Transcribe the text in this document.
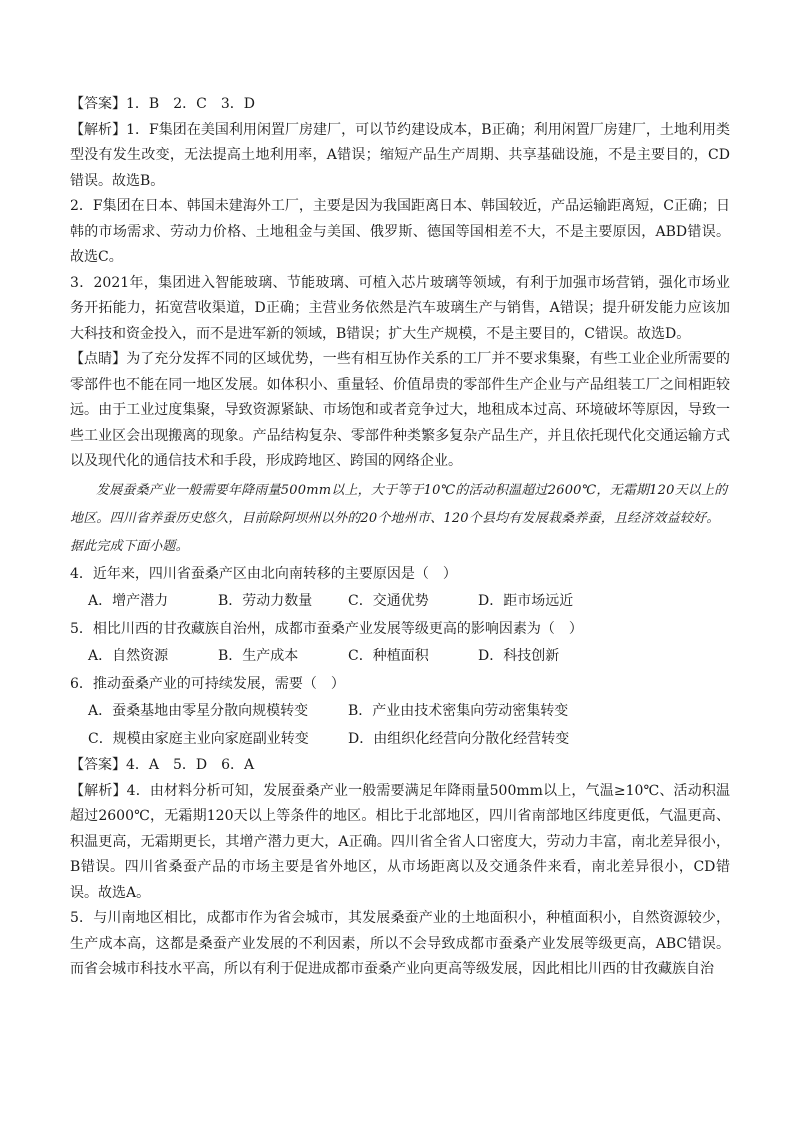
【答案】1．B　2．C　3．D

【解析】1．F集团在美国利用闲置厂房建厂，可以节约建设成本，B正确；利用闲置厂房建厂，土地利用类型没有发生改变，无法提高土地利用率，A错误；缩短产品生产周期、共享基础设施，不是主要目的，CD错误。故选B。

2．F集团在日本、韩国未建海外工厂，主要是因为我国距离日本、韩国较近，产品运输距离短，C正确；日韩的市场需求、劳动力价格、土地租金与美国、俄罗斯、德国等国相差不大，不是主要原因，ABD错误。故选C。

3．2021年，集团进入智能玻璃、节能玻璃、可植入芯片玻璃等领域，有利于加强市场营销，强化市场业务开拓能力，拓宽营收渠道，D正确；主营业务依然是汽车玻璃生产与销售，A错误；提升研发能力应该加大科技和资金投入，而不是进军新的领域，B错误；扩大生产规模，不是主要目的，C错误。故选D。

【点睛】为了充分发挥不同的区域优势，一些有相互协作关系的工厂并不要求集聚，有些工业企业所需要的零部件也不能在同一地区发展。如体积小、重量轻、价值昂贵的零部件生产企业与产品组装工厂之间相距较远。由于工业过度集聚，导致资源紧缺、市场饱和或者竞争过大，地租成本过高、环境破坏等原因，导致一些工业区会出现搬离的现象。产品结构复杂、零部件种类繁多复杂产品生产，并且依托现代化交通运输方式以及现代化的通信技术和手段，形成跨地区、跨国的网络企业。

发展蚕桑产业一般需要年降雨量500mm以上，大于等于10℃的活动积温超过2600℃，无霜期120天以上的地区。四川省养蚕历史悠久，目前除阿坝州以外的20个地州市、120个县均有发展栽桑养蚕，且经济效益较好。据此完成下面小题。

4．近年来，四川省蚕桑产区由北向南转移的主要原因是（　）

A．增产潜力	B．劳动力数量	C．交通优势	D．距市场远近

5．相比川西的甘孜藏族自治州，成都市蚕桑产业发展等级更高的影响因素为（　）

A．自然资源	B．生产成本	C．种植面积	D．科技创新

6．推动蚕桑产业的可持续发展，需要（　）

A．蚕桑基地由零星分散向规模转变	B．产业由技术密集向劳动密集转变
C．规模由家庭主业向家庭副业转变	D．由组织化经营向分散化经营转变

【答案】4．A　5．D　6．A

【解析】4．由材料分析可知，发展蚕桑产业一般需要满足年降雨量500mm以上，气温≥10℃、活动积温超过2600℃，无霜期120天以上等条件的地区。相比于北部地区，四川省南部地区纬度更低，气温更高、积温更高，无霜期更长，其增产潜力更大，A正确。四川省全省人口密度大，劳动力丰富，南北差异很小，B错误。四川省桑蚕产品的市场主要是省外地区，从市场距离以及交通条件来看，南北差异很小，CD错误。故选A。

5．与川南地区相比，成都市作为省会城市，其发展桑蚕产业的土地面积小，种植面积小，自然资源较少，生产成本高，这都是桑蚕产业发展的不利因素，所以不会导致成都市蚕桑产业发展等级更高，ABC错误。而省会城市科技水平高，所以有利于促进成都市蚕桑产业向更高等级发展，因此相比川西的甘孜藏族自治
